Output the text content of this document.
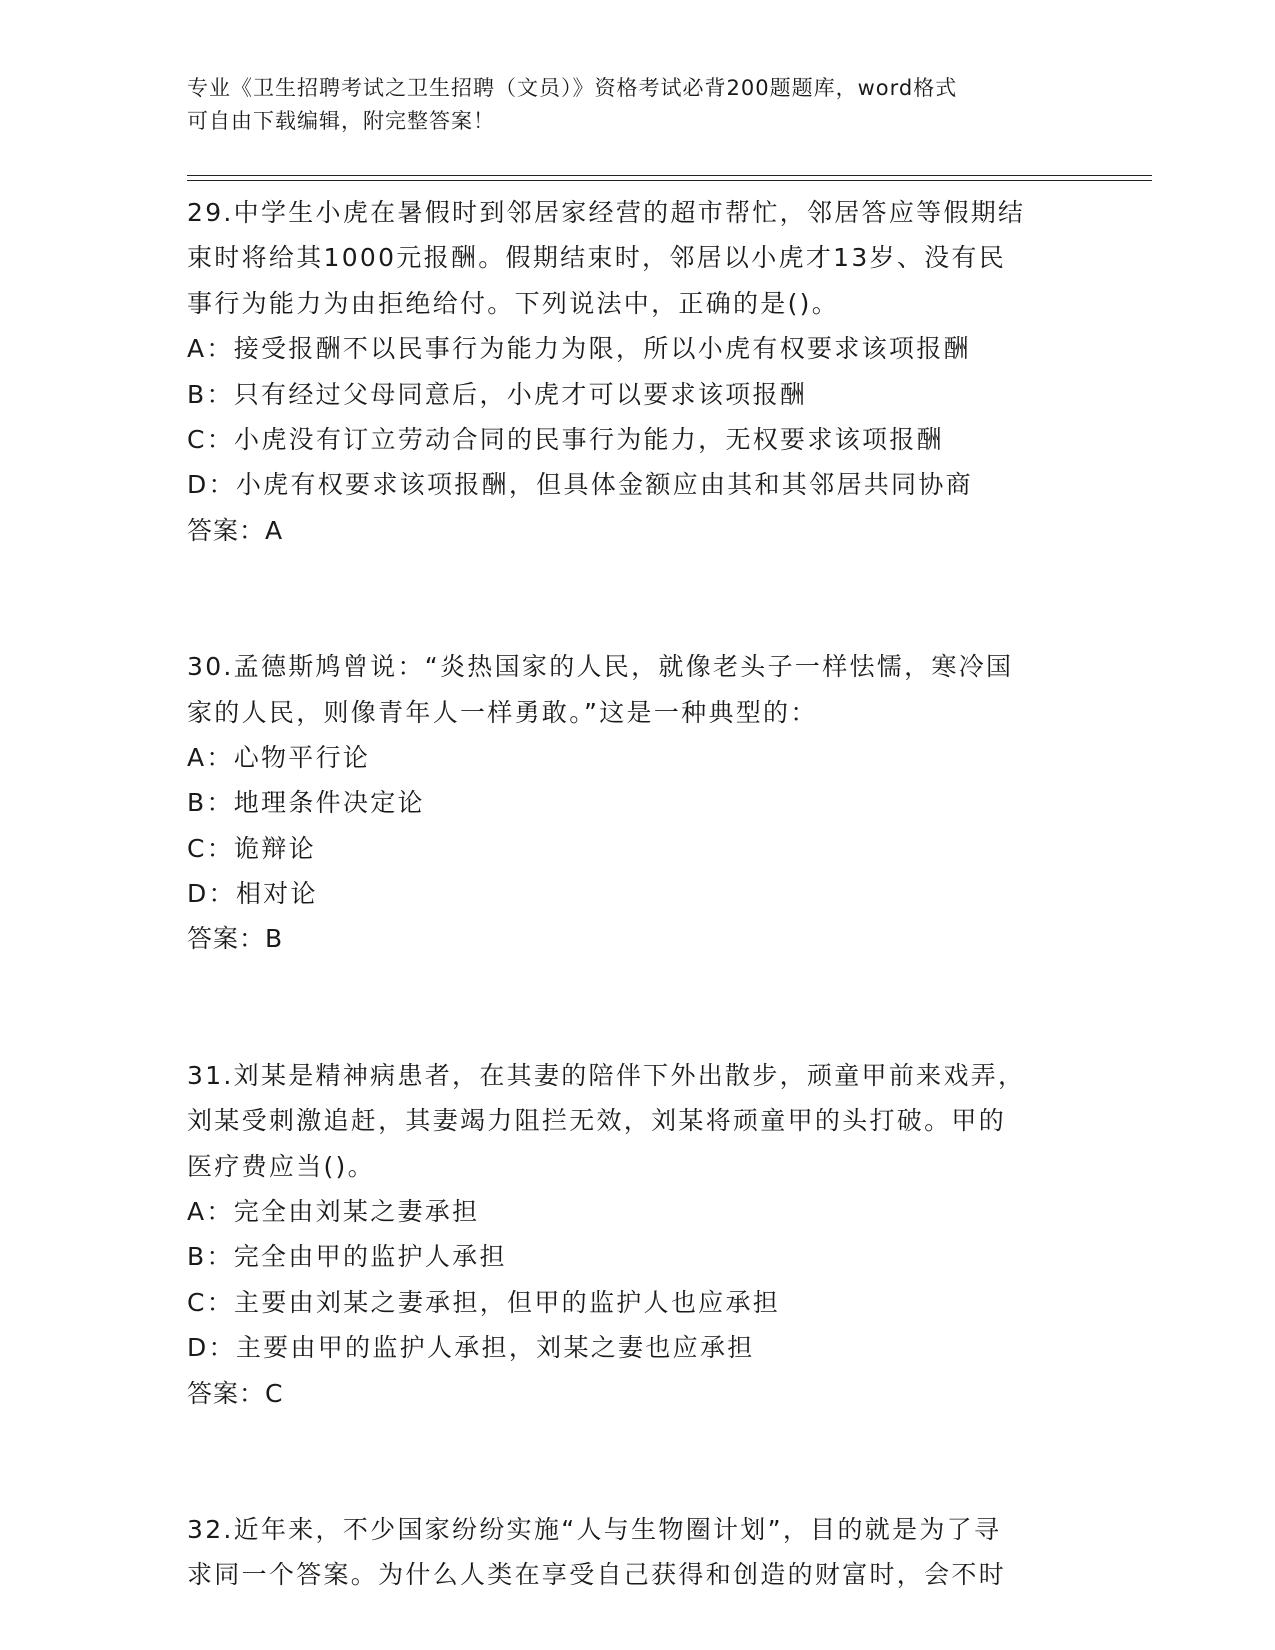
专业《卫生招聘考试之卫生招聘（文员）》资格考试必背200题题库，word格式
可自由下载编辑，附完整答案！
29.中学生小虎在暑假时到邻居家经营的超市帮忙，邻居答应等假期结
束时将给其1000元报酬。假期结束时，邻居以小虎才13岁、没有民
事行为能力为由拒绝给付。下列说法中，正确的是()。
A：接受报酬不以民事行为能力为限，所以小虎有权要求该项报酬
B：只有经过父母同意后，小虎才可以要求该项报酬
C：小虎没有订立劳动合同的民事行为能力，无权要求该项报酬
D：小虎有权要求该项报酬，但具体金额应由其和其邻居共同协商
答案：A
30.孟德斯鸠曾说：“炎热国家的人民，就像老头子一样怯懦，寒冷国
家的人民，则像青年人一样勇敢。”这是一种典型的：
A：心物平行论
B：地理条件决定论
C：诡辩论
D：相对论
答案：B
31.刘某是精神病患者，在其妻的陪伴下外出散步，顽童甲前来戏弄，
刘某受刺激追赶，其妻竭力阻拦无效，刘某将顽童甲的头打破。甲的
医疗费应当()。
A：完全由刘某之妻承担
B：完全由甲的监护人承担
C：主要由刘某之妻承担，但甲的监护人也应承担
D：主要由甲的监护人承担，刘某之妻也应承担
答案：C
32.近年来，不少国家纷纷实施“人与生物圈计划”，目的就是为了寻
求同一个答案。为什么人类在享受自己获得和创造的财富时，会不时
